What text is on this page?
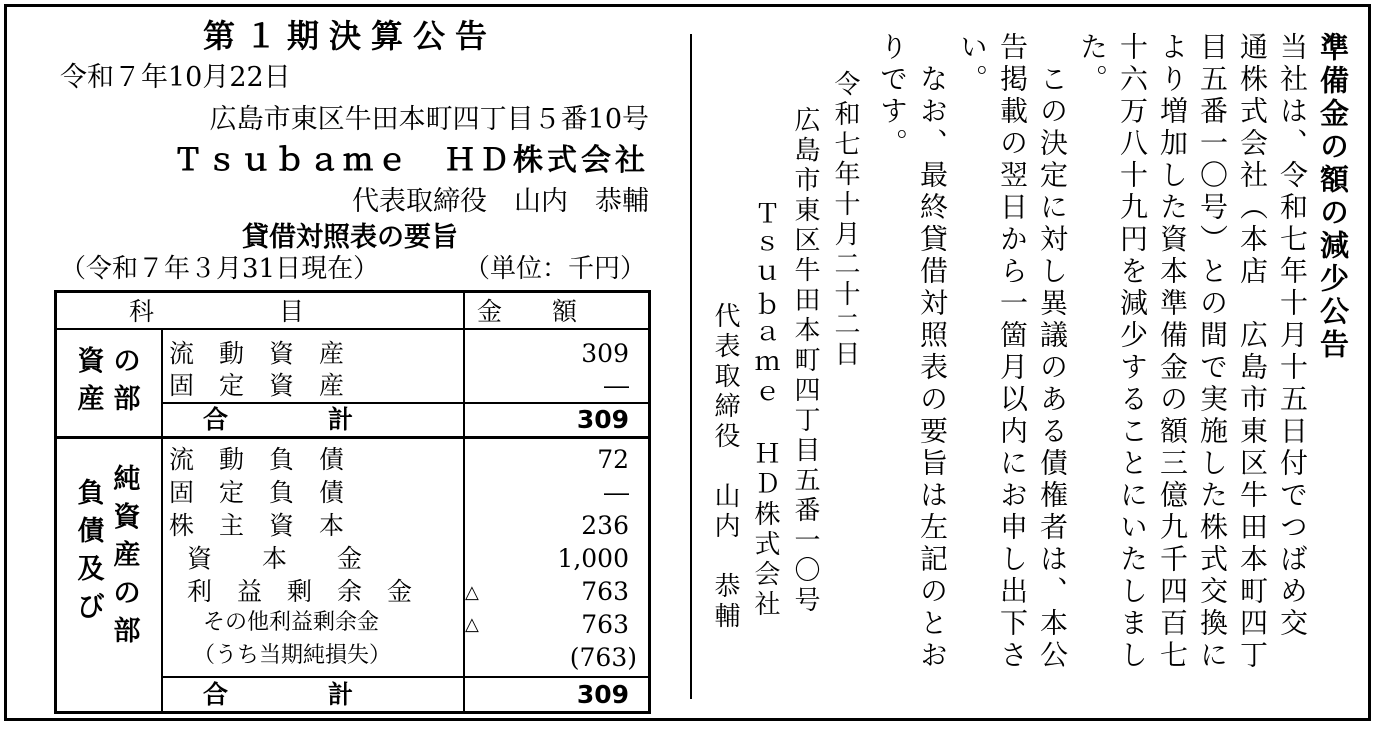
第１期決算公告
令和７年10月22日
広島市東区牛田本町四丁目５番10号
Ｔｓｕｂａｍｅ　ＨＤ株式会社
代表取締役　山内　恭輔
貸借対照表の要旨
（令和７年３月31日現在）	（単位：千円）
科　　　　　目	金　　額
資産
の部
負債及び
純資産の部
流　動　資　産	309
固　定　資　産	―
合　　　　計	309
流　動　負　債	72
固　定　負　債	―
株　主　資　本	236
資　　本　　金	1,000
利　益　剰　余　金	△	763
その他利益剰余金	△	763
（うち当期純損失）	(763)
合　　　　計	309
準備金の額の減少公告
当社は、令和七年十月十五日付でつばめ交
通株式会社（本店　広島市東区牛田本町四丁
目五番一〇号）との間で実施した株式交換に
より増加した資本準備金の額三億九千四百七
十六万八十九円を減少することにいたしまし
た。
　この決定に対し異議のある債権者は、本公
告掲載の翌日から一箇月以内にお申し出下さ
い。
　なお、最終貸借対照表の要旨は左記のとお
りです。
令和七年十月二十二日
広島市東区牛田本町四丁目五番一〇号
Ｔｓｕｂａｍｅ　ＨＤ株式会社
代表取締役　山内　恭輔
